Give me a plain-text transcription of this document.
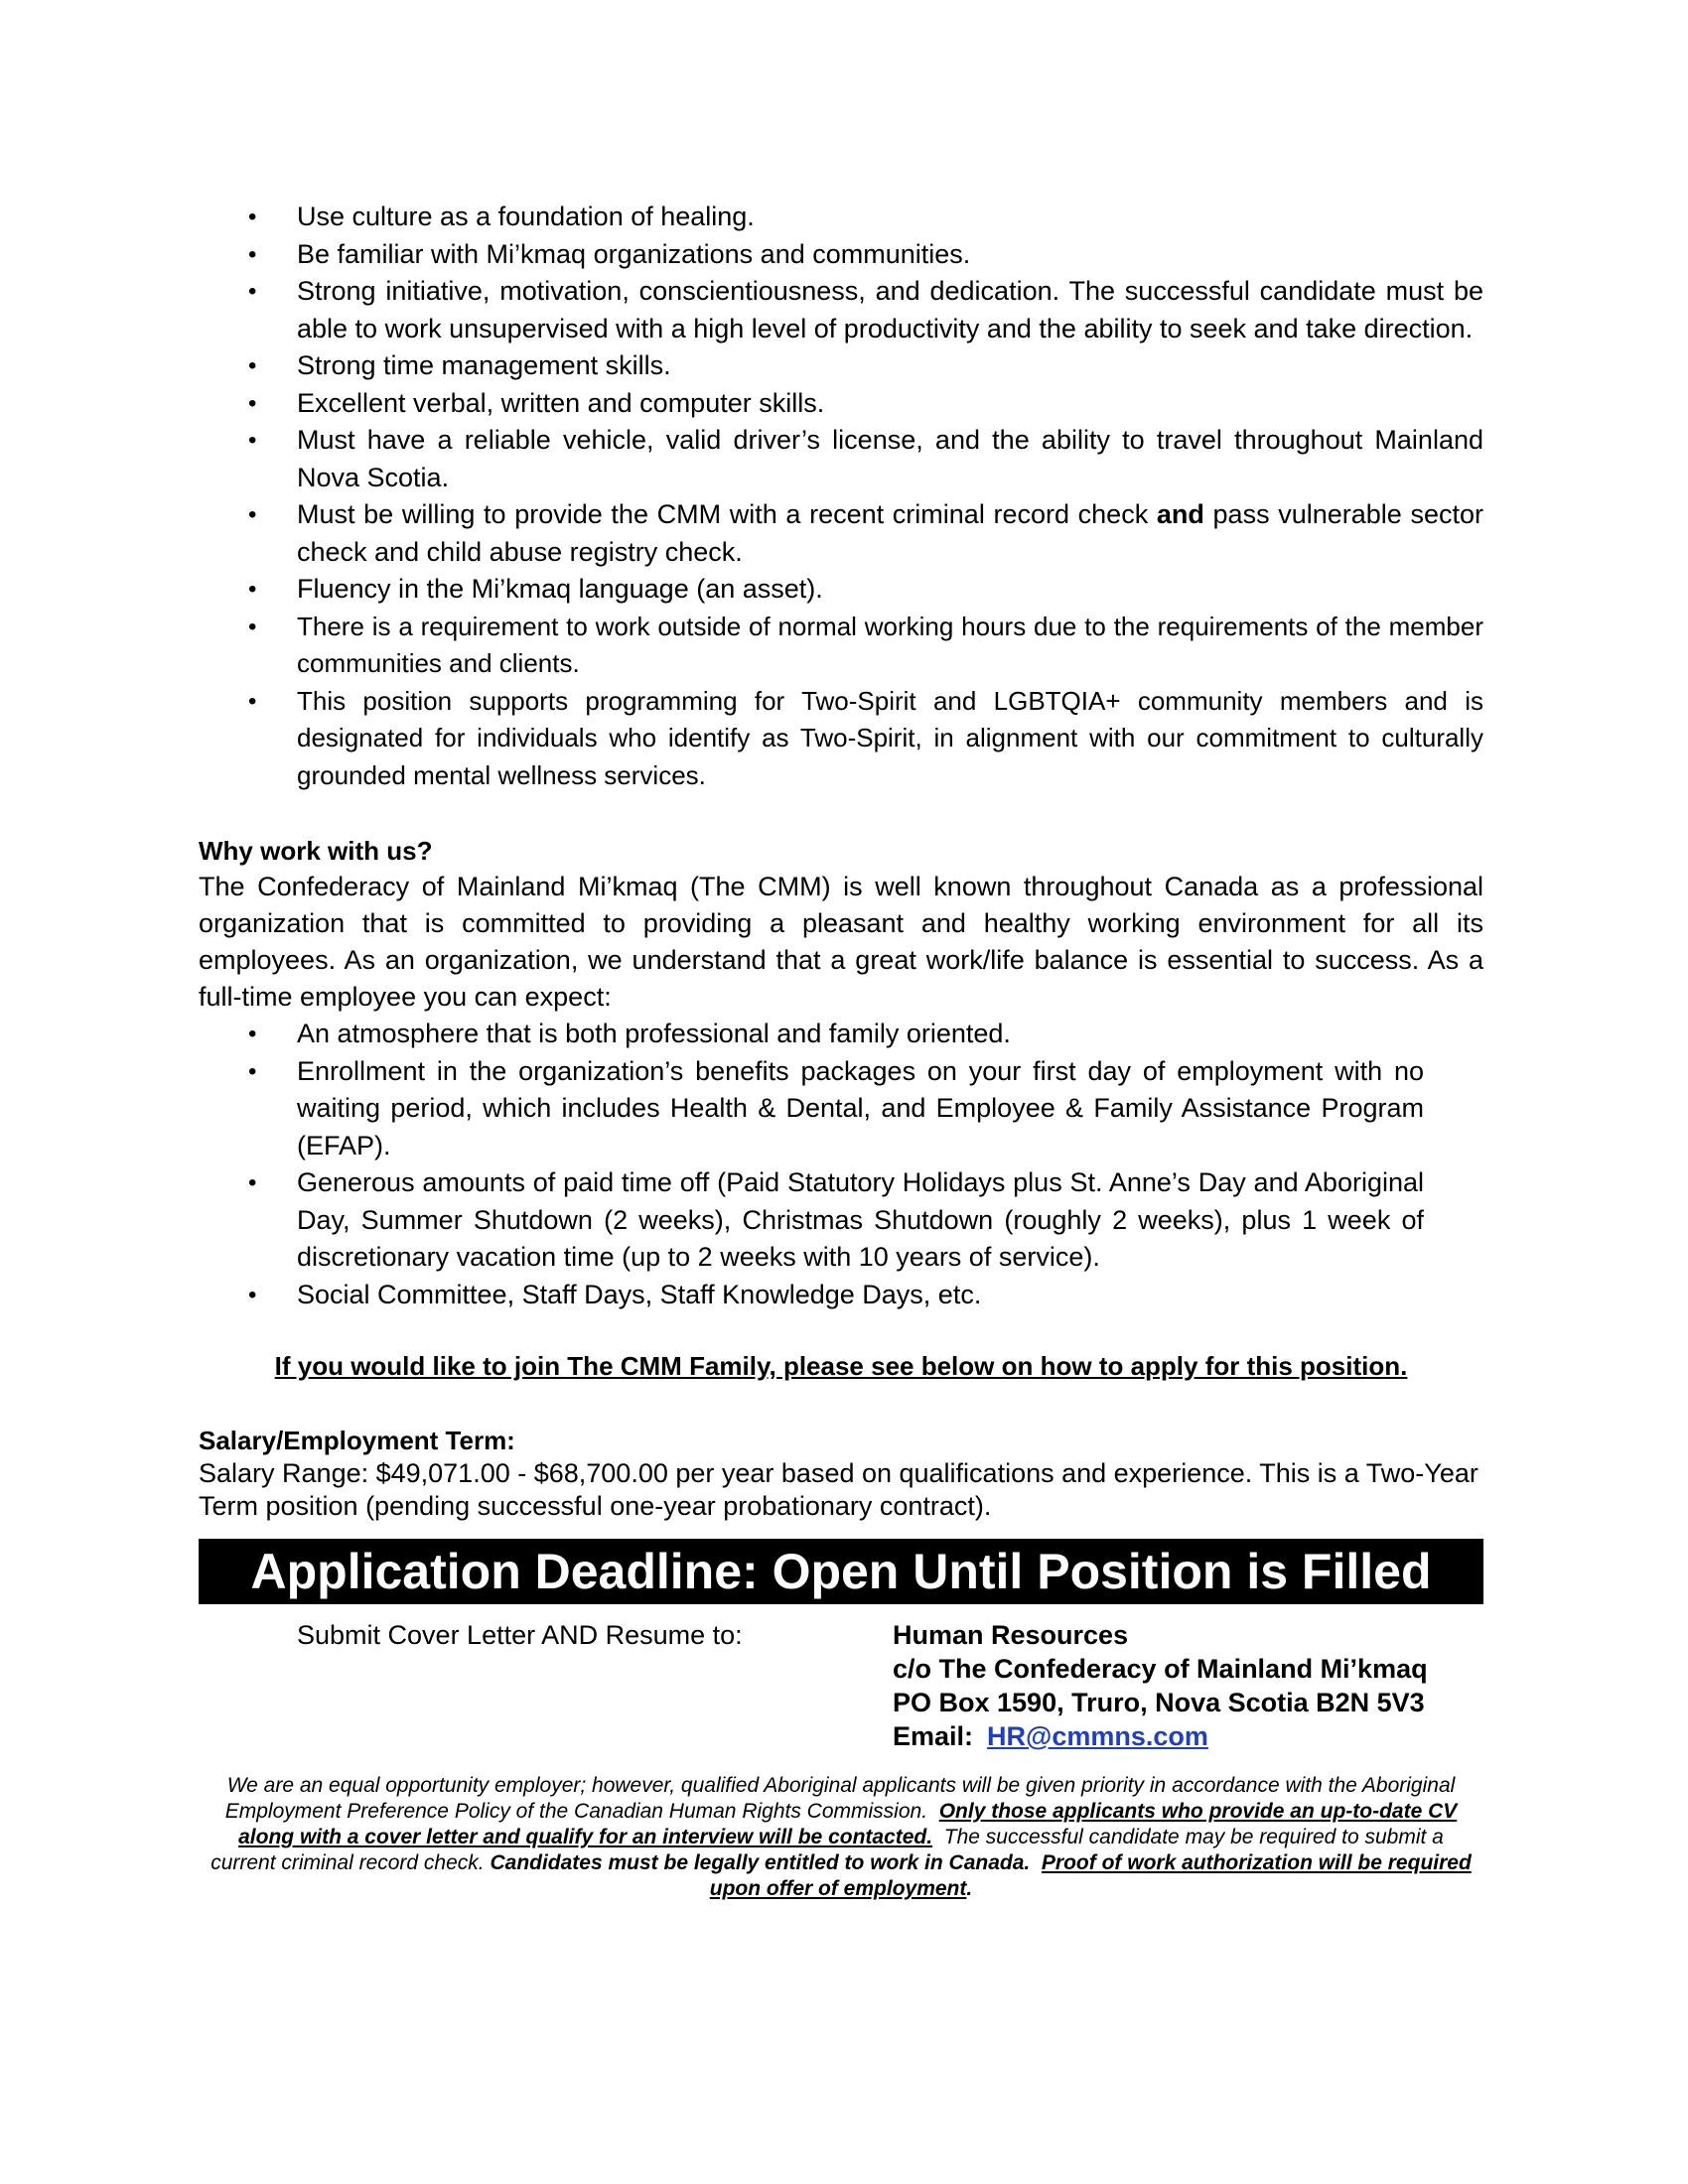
• Use culture as a foundation of healing.
• Be familiar with Mi’kmaq organizations and communities.
• Strong initiative, motivation, conscientiousness, and dedication. The successful candidate must be able to work unsupervised with a high level of productivity and the ability to seek and take direction.
• Strong time management skills.
• Excellent verbal, written and computer skills.
• Must have a reliable vehicle, valid driver’s license, and the ability to travel throughout Mainland Nova Scotia.
• Must be willing to provide the CMM with a recent criminal record check and pass vulnerable sector check and child abuse registry check.
• Fluency in the Mi’kmaq language (an asset).
• There is a requirement to work outside of normal working hours due to the requirements of the member communities and clients.
• This position supports programming for Two-Spirit and LGBTQIA+ community members and is designated for individuals who identify as Two-Spirit, in alignment with our commitment to culturally grounded mental wellness services.

Why work with us?

The Confederacy of Mainland Mi’kmaq (The CMM) is well known throughout Canada as a professional organization that is committed to providing a pleasant and healthy working environment for all its employees. As an organization, we understand that a great work/life balance is essential to success. As a full-time employee you can expect:

• An atmosphere that is both professional and family oriented.
• Enrollment in the organization’s benefits packages on your first day of employment with no waiting period, which includes Health & Dental, and Employee & Family Assistance Program (EFAP).
• Generous amounts of paid time off (Paid Statutory Holidays plus St. Anne’s Day and Aboriginal Day, Summer Shutdown (2 weeks), Christmas Shutdown (roughly 2 weeks), plus 1 week of discretionary vacation time (up to 2 weeks with 10 years of service).
• Social Committee, Staff Days, Staff Knowledge Days, etc.

If you would like to join The CMM Family, please see below on how to apply for this position.

Salary/Employment Term:

Salary Range: $49,071.00 - $68,700.00 per year based on qualifications and experience. This is a Two-Year Term position (pending successful one-year probationary contract).

Application Deadline: Open Until Position is Filled
Submit Cover Letter AND Resume to:	Human Resources
c/o The Confederacy of Mainland Mi’kmaq
PO Box 1590, Truro, Nova Scotia B2N 5V3
Email: HR@cmmns.com

We are an equal opportunity employer; however, qualified Aboriginal applicants will be given priority in accordance with the Aboriginal Employment Preference Policy of the Canadian Human Rights Commission. Only those applicants who provide an up-to-date CV along with a cover letter and qualify for an interview will be contacted. The successful candidate may be required to submit a current criminal record check. Candidates must be legally entitled to work in Canada. Proof of work authorization will be required upon offer of employment.
